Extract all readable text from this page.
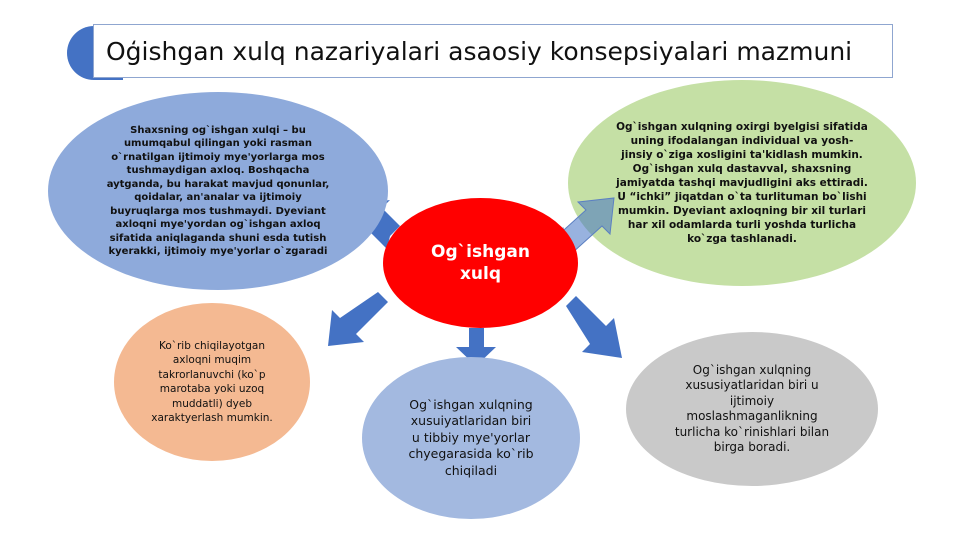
Oģishgan xulq nazariyalari asaosiy konsepsiyalari mazmuni
Shaxsning og`ishgan xulqi – bu
umumqabul qilingan yoki rasman
o`rnatilgan ijtimoiy mye'yorlarga mos
tushmaydigan axloq. Boshqacha
aytganda, bu harakat mavjud qonunlar,
qoidalar, an'analar va ijtimoiy
buyruqlarga mos tushmaydi. Dyeviant
axloqni mye'yordan og`ishgan axloq
sifatida aniqlaganda shuni esda tutish
kyerakki, ijtimoiy mye'yorlar o`zgaradi
Og`ishgan xulqning oxirgi byelgisi sifatida
uning ifodalangan individual va yosh-
jinsiy o`ziga xosligini ta'kidlash mumkin.
Og`ishgan xulq dastavval, shaxsning
jamiyatda tashqi mavjudligini aks ettiradi.
U “ichki” jiqatdan o`ta turlituman bo`lishi
mumkin. Dyeviant axloqning bir xil turlari
har xil odamlarda turli yoshda turlicha
ko`zga tashlanadi.
Og`ishgan
xulq
Ko`rib chiqilayotgan
axloqni muqim
takrorlanuvchi (ko`p
marotaba yoki uzoq
muddatli) dyeb
xaraktyerlash mumkin.
Og`ishgan xulqning
xusuiyatlaridan biri
u tibbiy mye'yorlar
chyegarasida ko`rib
chiqiladi
Og`ishgan xulqning
xususiyatlaridan biri u
ijtimoiy
moslashmaganlikning
turlicha ko`rinishlari bilan
birga boradi.
